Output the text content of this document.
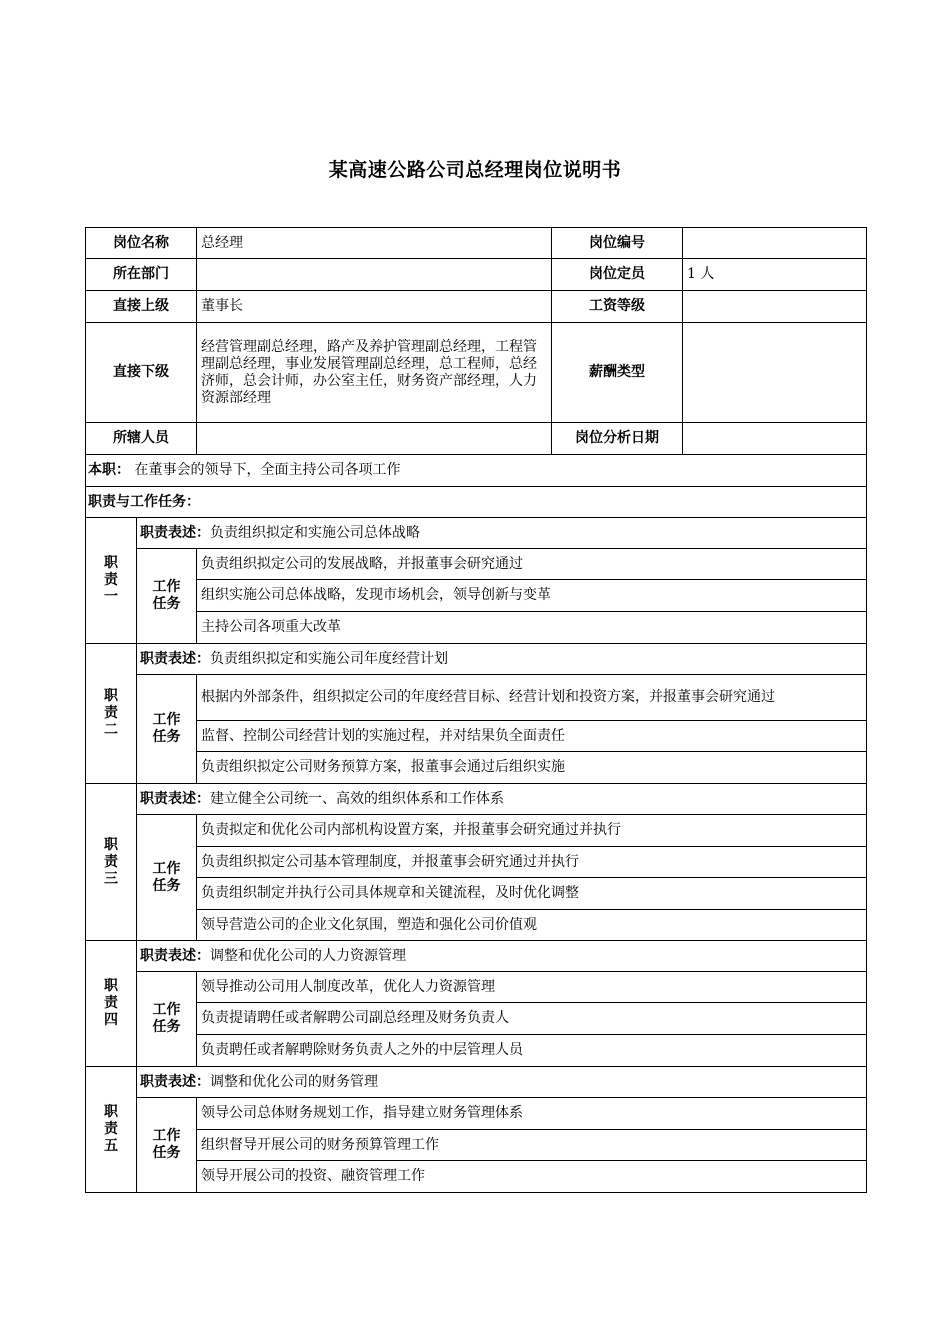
某高速公路公司总经理岗位说明书
岗位名称		总经理	岗位编号	
所在部门			岗位定员	1 人
直接上级		董事长	工资等级	
直接下级		经营管理副总经理，路产及养护管理副总经理，工程管理副总经理，事业发展管理副总经理，总工程师，总经济师，总会计师，办公室主任，财务资产部经理，人力资源部经理	薪酬类型	
所辖人员			岗位分析日期	
本职： 在董事会的领导下，全面主持公司各项工作				
职责与工作任务：				

职
责
一	职责表述：负责组织拟定和实施公司总体战略			

	工作
任务	负责组织拟定公司的发展战略，并报董事会研究通过		
		组织实施公司总体战略，发现市场机会，领导创新与变革		
		主持公司各项重大改革		

职
责
二	职责表述：负责组织拟定和实施公司年度经营计划			

	工作
任务	根据内外部条件，组织拟定公司的年度经营目标、经营计划和投资方案，并报董事会研究通过		
		监督、控制公司经营计划的实施过程，并对结果负全面责任		
		负责组织拟定公司财务预算方案，报董事会通过后组织实施		

职
责
三	职责表述：建立健全公司统一、高效的组织体系和工作体系			

	工作
任务	负责拟定和优化公司内部机构设置方案，并报董事会研究通过并执行		
		负责组织拟定公司基本管理制度，并报董事会研究通过并执行		
		负责组织制定并执行公司具体规章和关键流程，及时优化调整		
		领导营造公司的企业文化氛围，塑造和强化公司价值观		

职
责
四	职责表述：调整和优化公司的人力资源管理			

	工作
任务	领导推动公司用人制度改革，优化人力资源管理		
		负责提请聘任或者解聘公司副总经理及财务负责人		
		负责聘任或者解聘除财务负责人之外的中层管理人员		

职
责
五	职责表述：调整和优化公司的财务管理			

	工作
任务	领导公司总体财务规划工作，指导建立财务管理体系		
		组织督导开展公司的财务预算管理工作		
		领导开展公司的投资、融资管理工作		
